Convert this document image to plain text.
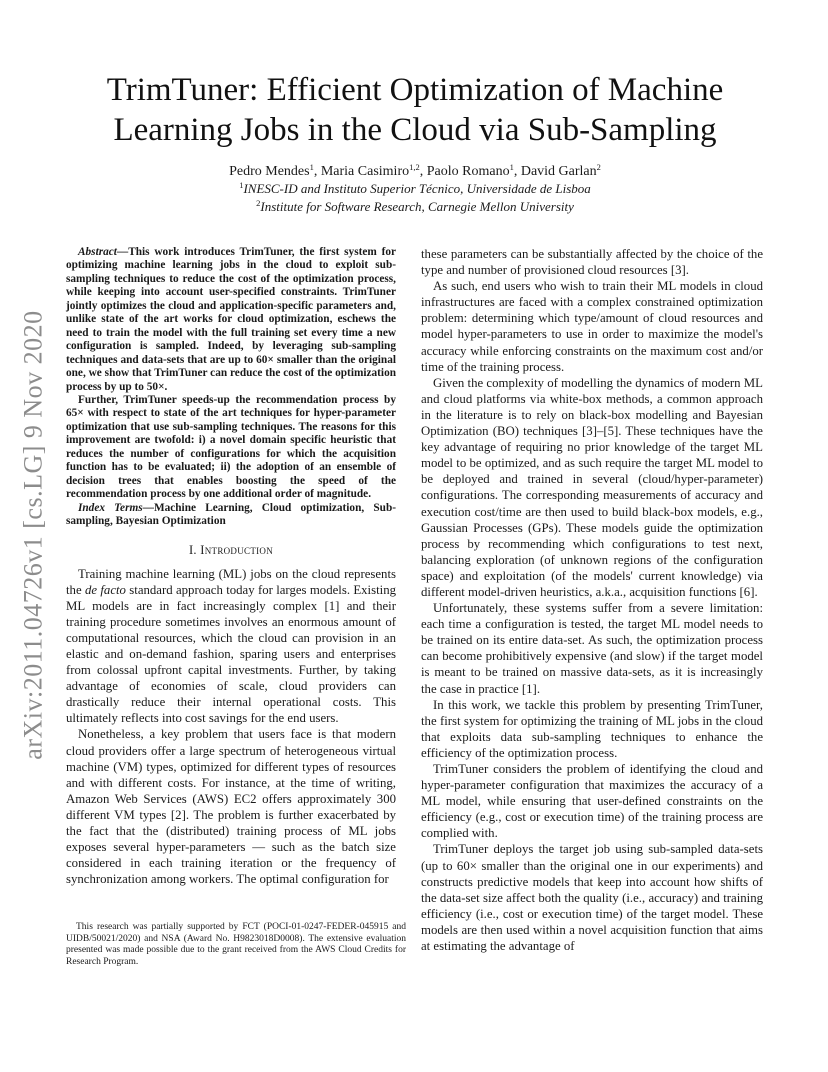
arXiv:2011.04726v1 [cs.LG] 9 Nov 2020
TrimTuner: Efficient Optimization of Machine
Learning Jobs in the Cloud via Sub-Sampling
Pedro Mendes$^1$, Maria Casimiro$^{1,2}$, Paolo Romano$^1$, David Garlan$^2$
$^1$INESC-ID and Instituto Superior Técnico, Universidade de Lisboa
$^2$Institute for Software Research, Carnegie Mellon University

Abstract—This work introduces TrimTuner, the first system for optimizing machine learning jobs in the cloud to exploit sub-sampling techniques to reduce the cost of the optimization process, while keeping into account user-specified constraints. TrimTuner jointly optimizes the cloud and application-specific parameters and, unlike state of the art works for cloud optimization, eschews the need to train the model with the full training set every time a new configuration is sampled. Indeed, by leveraging sub-sampling techniques and data-sets that are up to 60× smaller than the original one, we show that TrimTuner can reduce the cost of the optimization process by up to 50×.

Further, TrimTuner speeds-up the recommendation process by 65× with respect to state of the art techniques for hyper-parameter optimization that use sub-sampling techniques. The reasons for this improvement are twofold: i) a novel domain specific heuristic that reduces the number of configurations for which the acquisition function has to be evaluated; ii) the adoption of an ensemble of decision trees that enables boosting the speed of the recommendation process by one additional order of magnitude.

Index Terms—Machine Learning, Cloud optimization, Sub-sampling, Bayesian Optimization

I. Introduction

Training machine learning (ML) jobs on the cloud represents the de facto standard approach today for larges models. Existing ML models are in fact increasingly complex [1] and their training procedure sometimes involves an enormous amount of computational resources, which the cloud can provision in an elastic and on-demand fashion, sparing users and enterprises from colossal upfront capital investments. Further, by taking advantage of economies of scale, cloud providers can drastically reduce their internal operational costs. This ultimately reflects into cost savings for the end users.

Nonetheless, a key problem that users face is that modern cloud providers offer a large spectrum of heterogeneous virtual machine (VM) types, optimized for different types of resources and with different costs. For instance, at the time of writing, Amazon Web Services (AWS) EC2 offers approximately 300 different VM types [2]. The problem is further exacerbated by the fact that the (distributed) training process of ML jobs exposes several hyper-parameters — such as the batch size considered in each training iteration or the frequency of synchronization among workers. The optimal configuration for

This research was partially supported by FCT (POCI-01-0247-FEDER-045915 and UIDB/50021/2020) and NSA (Award No. H9823018D0008). The extensive evaluation presented was made possible due to the grant received from the AWS Cloud Credits for Research Program.

these parameters can be substantially affected by the choice of the type and number of provisioned cloud resources [3].

As such, end users who wish to train their ML models in cloud infrastructures are faced with a complex constrained optimization problem: determining which type/amount of cloud resources and model hyper-parameters to use in order to maximize the model's accuracy while enforcing constraints on the maximum cost and/or time of the training process.

Given the complexity of modelling the dynamics of modern ML and cloud platforms via white-box methods, a common approach in the literature is to rely on black-box modelling and Bayesian Optimization (BO) techniques [3]–[5]. These techniques have the key advantage of requiring no prior knowledge of the target ML model to be optimized, and as such require the target ML model to be deployed and trained in several (cloud/hyper-parameter) configurations. The corresponding measurements of accuracy and execution cost/time are then used to build black-box models, e.g., Gaussian Processes (GPs). These models guide the optimization process by recommending which configurations to test next, balancing exploration (of unknown regions of the configuration space) and exploitation (of the models' current knowledge) via different model-driven heuristics, a.k.a., acquisition functions [6].

Unfortunately, these systems suffer from a severe limitation: each time a configuration is tested, the target ML model needs to be trained on its entire data-set. As such, the optimization process can become prohibitively expensive (and slow) if the target model is meant to be trained on massive data-sets, as it is increasingly the case in practice [1].

In this work, we tackle this problem by presenting TrimTuner, the first system for optimizing the training of ML jobs in the cloud that exploits data sub-sampling techniques to enhance the efficiency of the optimization process.

TrimTuner considers the problem of identifying the cloud and hyper-parameter configuration that maximizes the accuracy of a ML model, while ensuring that user-defined constraints on the efficiency (e.g., cost or execution time) of the training process are complied with.

TrimTuner deploys the target job using sub-sampled data-sets (up to 60× smaller than the original one in our experiments) and constructs predictive models that keep into account how shifts of the data-set size affect both the quality (i.e., accuracy) and training efficiency (i.e., cost or execution time) of the target model. These models are then used within a novel acquisition function that aims at estimating the advantage of
